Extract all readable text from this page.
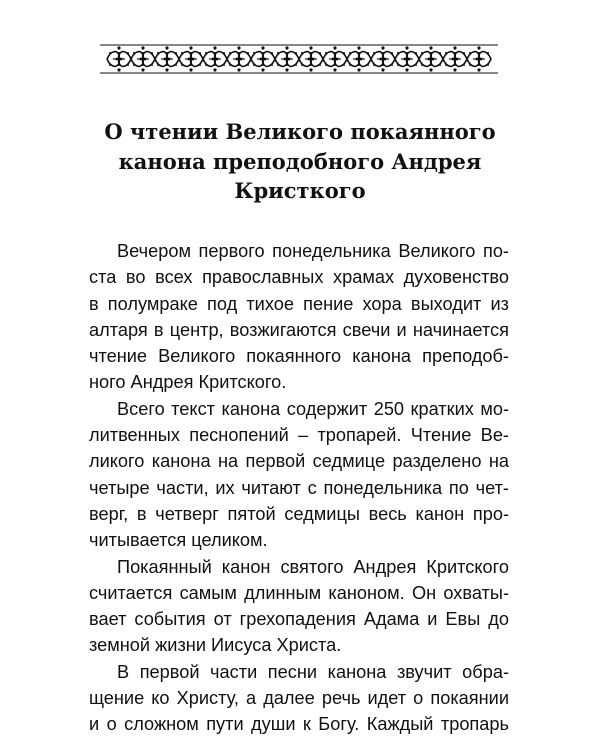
О чтении Великого покаянного
канона преподобного Андрея
Кристкого

Вечером первого понедельника Великого по-
ста во всех православных храмах духовенство
в полумраке под тихое пение хора выходит из
алтаря в центр, возжигаются свечи и начинается
чтение Великого покаянного канона преподоб-
ного Андрея Критского.

Всего текст канона содержит 250 кратких мо-
литвенных песнопений – тропарей. Чтение Ве-
ликого канона на первой седмице разделено на
четыре части, их читают с понедельника по чет-
верг, в четверг пятой седмицы весь канон про-
читывается целиком.

Покаянный канон святого Андрея Критского
считается самым длинным каноном. Он охваты-
вает события от грехопадения Адама и Евы до
земной жизни Иисуса Христа.

В первой части песни канона звучит обра-
щение ко Христу, а далее речь идет о покаянии
и о сложном пути души к Богу. Каждый тропарь
